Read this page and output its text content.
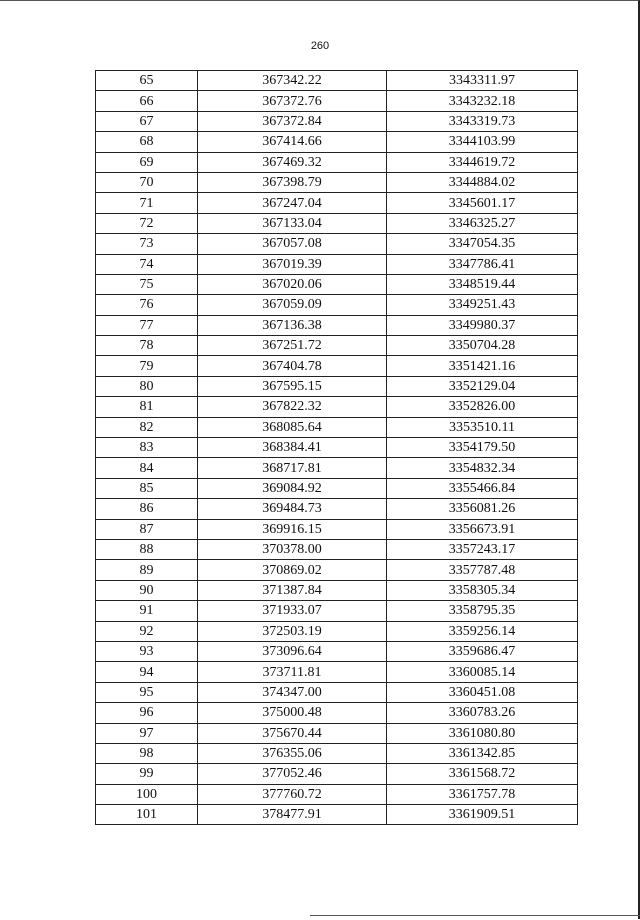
260
65	367342.22	3343311.97
66	367372.76	3343232.18
67	367372.84	3343319.73
68	367414.66	3344103.99
69	367469.32	3344619.72
70	367398.79	3344884.02
71	367247.04	3345601.17
72	367133.04	3346325.27
73	367057.08	3347054.35
74	367019.39	3347786.41
75	367020.06	3348519.44
76	367059.09	3349251.43
77	367136.38	3349980.37
78	367251.72	3350704.28
79	367404.78	3351421.16
80	367595.15	3352129.04
81	367822.32	3352826.00
82	368085.64	3353510.11
83	368384.41	3354179.50
84	368717.81	3354832.34
85	369084.92	3355466.84
86	369484.73	3356081.26
87	369916.15	3356673.91
88	370378.00	3357243.17
89	370869.02	3357787.48
90	371387.84	3358305.34
91	371933.07	3358795.35
92	372503.19	3359256.14
93	373096.64	3359686.47
94	373711.81	3360085.14
95	374347.00	3360451.08
96	375000.48	3360783.26
97	375670.44	3361080.80
98	376355.06	3361342.85
99	377052.46	3361568.72
100	377760.72	3361757.78
101	378477.91	3361909.51
